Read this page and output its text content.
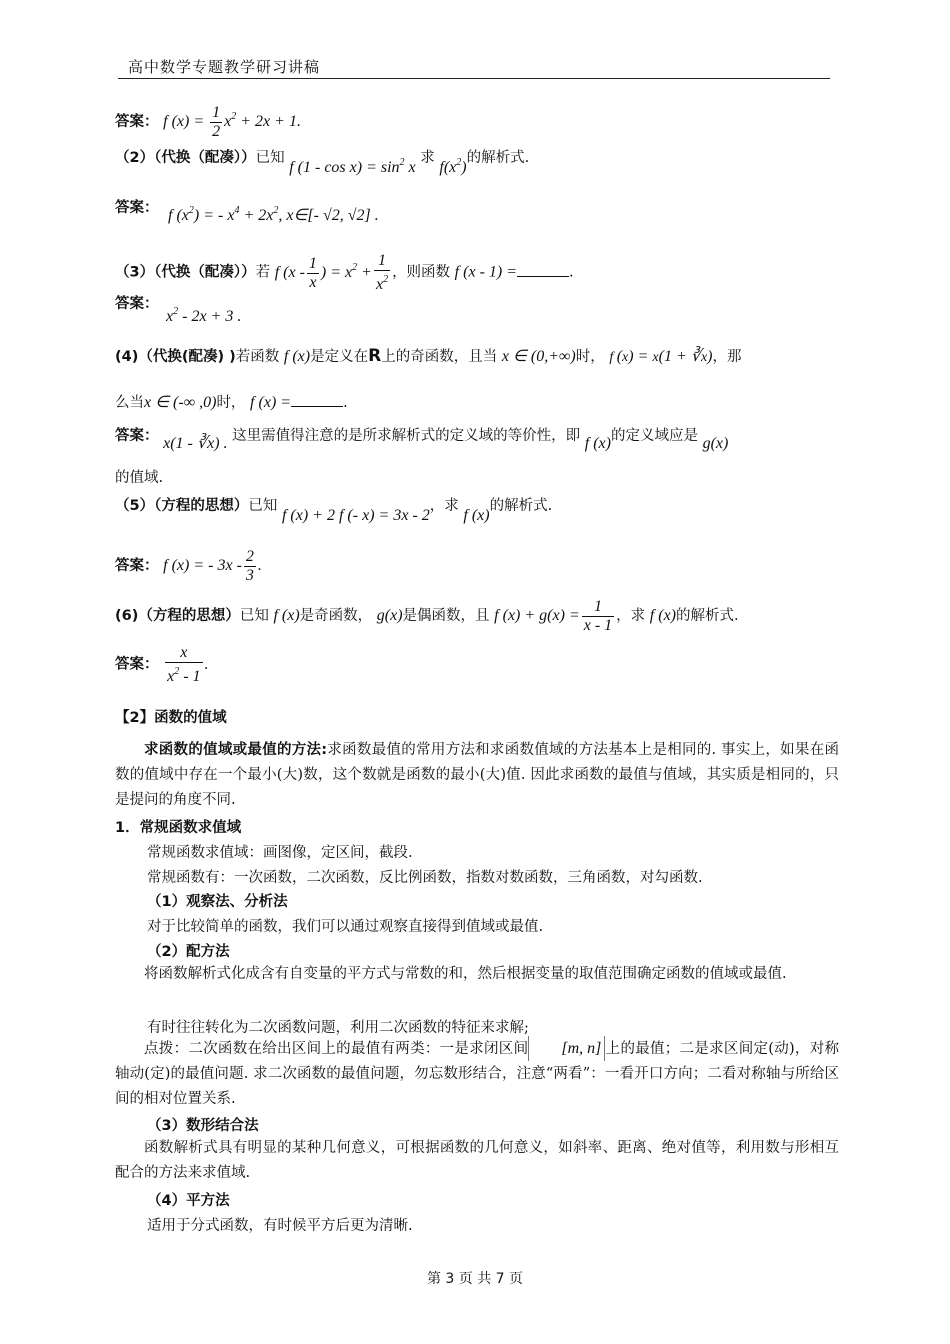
高中数学专题教学研习讲稿
答案： f $(x) = \frac{1}{2} x^2 + 2x + 1$.
（2）（代换（配凑））已知 f $(1 - \cos x) = \sin^2 x$ 求 $f(x^2)$的解析式.
答案： f $(x^2)$ = - $x^4 + 2x^2$, x∈[- √2, √2] .
（3）（代换（配凑））若 f ($x - \frac{1}{x}$ ) = $x^2 + \frac{1}{x^2}$ ，则函数 f (x - 1) =	.
答案：
$x^2 - 2x + 3$ .
(4)（代换(配凑) )若函数 f (x)是定义在R上的奇函数，且当 x ∈ (0,+∞)时， f (x) = x(1 + ∛x)，那
么当x ∈ (-∞ ,0)时， f (x) =	.
答案： x(1 - ∛x) . 这里需值得注意的是所求解析式的定义域的等价性，即 f (x)的定义域应是 g(x)
的值域.
（5）（方程的思想）已知 f (x) + 2 f (- x) = 3x - 2，求 f (x)的解析式.
答案： f (x) = - $3x - \frac{2}{3}$ .
(6)（方程的思想）已知 f (x)是奇函数， g(x)是偶函数，且 f $(x) + g(x) = \frac{1}{x - 1}$ ，求 f (x)的解析式.
答案： $\frac{x}{x^2 - 1}$ .
【2】函数的值域
求函数的值域或最值的方法:求函数最值的常用方法和求函数值域的方法基本上是相同的. 事实上，如果在函数的值域中存在一个最小(大)数，这个数就是函数的最小(大)值. 因此求函数的最值与值域，其实质是相同的，只是提问的角度不同.
1．常规函数求值域
常规函数求值域：画图像，定区间，截段.
常规函数有：一次函数，二次函数，反比例函数，指数对数函数，三角函数，对勾函数.
（1）观察法、分析法
对于比较简单的函数，我们可以通过观察直接得到值域或最值.
（2）配方法
将函数解析式化成含有自变量的平方式与常数的和，然后根据变量的取值范围确定函数的值域或最值.
有时往往转化为二次函数问题，利用二次函数的特征来求解;
点拨：二次函数在给出区间上的最值有两类：一是求闭区间 [m, n] 上的最值；二是求区间定(动)，对称轴动(定)的最值问题. 求二次函数的最值问题，勿忘数形结合，注意“两看”：一看开口方向；二看对称轴与所给区间的相对位置关系.
（3）数形结合法
函数解析式具有明显的某种几何意义，可根据函数的几何意义，如斜率、距离、绝对值等，利用数与形相互配合的方法来求值域.
（4）平方法
适用于分式函数，有时候平方后更为清晰.
第 3 页 共 7 页
